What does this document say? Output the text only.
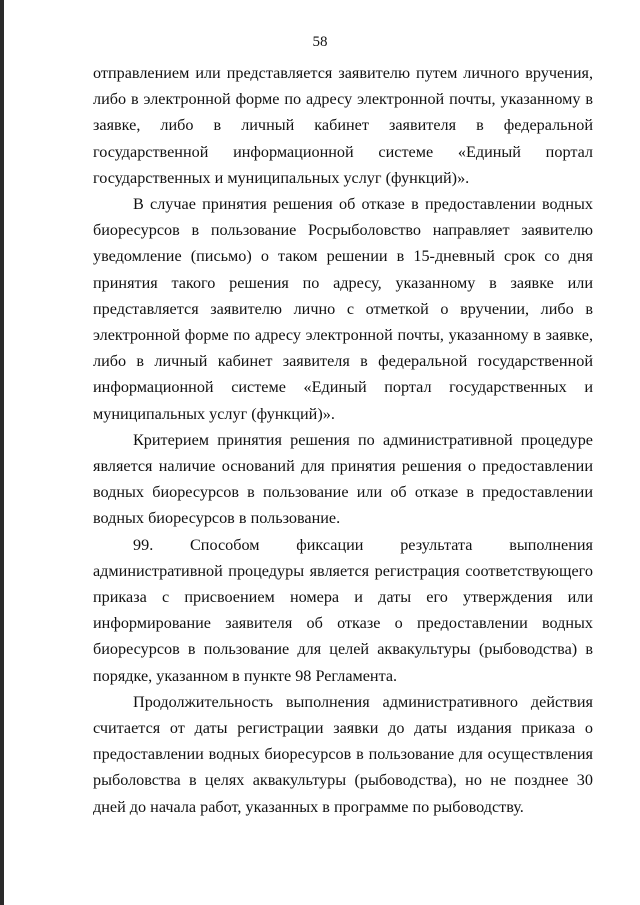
58

отправлением или представляется заявителю путем личного вручения, либо в электронной форме по адресу электронной почты, указанному в заявке, либо в личный кабинет заявителя в федеральной государственной информационной системе «Единый портал государственных и муниципальных услуг (функций)».

В случае принятия решения об отказе в предоставлении водных биоресурсов в пользование Росрыболовство направляет заявителю уведомление (письмо) о таком решении в 15-дневный срок со дня принятия такого решения по адресу, указанному в заявке или представляется заявителю лично с отметкой о вручении, либо в электронной форме по адресу электронной почты, указанному в заявке, либо в личный кабинет заявителя в федеральной государственной информационной системе «Единый портал государственных и муниципальных услуг (функций)».

Критерием принятия решения по административной процедуре является наличие оснований для принятия решения о предоставлении водных биоресурсов в пользование или об отказе в предоставлении водных биоресурсов в пользование.

99. Способом фиксации результата выполнения административной процедуры является регистрация соответствующего приказа с присвоением номера и даты его утверждения или информирование заявителя об отказе о предоставлении водных биоресурсов в пользование для целей аквакультуры (рыбоводства) в порядке, указанном в пункте 98 Регламента.

Продолжительность выполнения административного действия считается от даты регистрации заявки до даты издания приказа о предоставлении водных биоресурсов в пользование для осуществления рыболовства в целях аквакультуры (рыбоводства), но не позднее 30 дней до начала работ, указанных в программе по рыбоводству.
